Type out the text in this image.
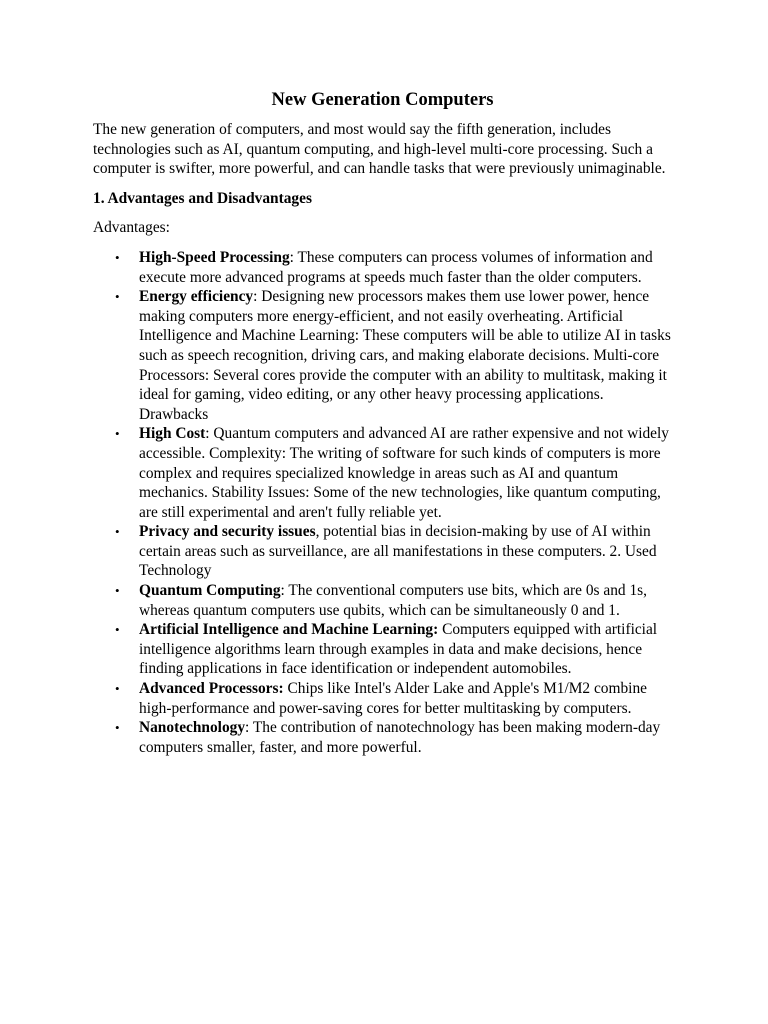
New Generation Computers

The new generation of computers, and most would say the fifth generation, includes technologies such as AI, quantum computing, and high-level multi-core processing. Such a computer is swifter, more powerful, and can handle tasks that were previously unimaginable.

1. Advantages and Disadvantages
Advantages:
• High-Speed Processing: These computers can process volumes of information and execute more advanced programs at speeds much faster than the older computers.
• Energy efficiency: Designing new processors makes them use lower power, hence making computers more energy-efficient, and not easily overheating. Artificial Intelligence and Machine Learning: These computers will be able to utilize AI in tasks such as speech recognition, driving cars, and making elaborate decisions. Multi-core Processors: Several cores provide the computer with an ability to multitask, making it ideal for gaming, video editing, or any other heavy processing applications. Drawbacks
• High Cost: Quantum computers and advanced AI are rather expensive and not widely accessible. Complexity: The writing of software for such kinds of computers is more complex and requires specialized knowledge in areas such as AI and quantum mechanics. Stability Issues: Some of the new technologies, like quantum computing, are still experimental and aren't fully reliable yet.
• Privacy and security issues, potential bias in decision-making by use of AI within certain areas such as surveillance, are all manifestations in these computers. 2. Used Technology
• Quantum Computing: The conventional computers use bits, which are 0s and 1s, whereas quantum computers use qubits, which can be simultaneously 0 and 1.
• Artificial Intelligence and Machine Learning: Computers equipped with artificial intelligence algorithms learn through examples in data and make decisions, hence finding applications in face identification or independent automobiles.
• Advanced Processors: Chips like Intel's Alder Lake and Apple's M1/M2 combine high-performance and power-saving cores for better multitasking by computers.
• Nanotechnology: The contribution of nanotechnology has been making modern-day computers smaller, faster, and more powerful.
